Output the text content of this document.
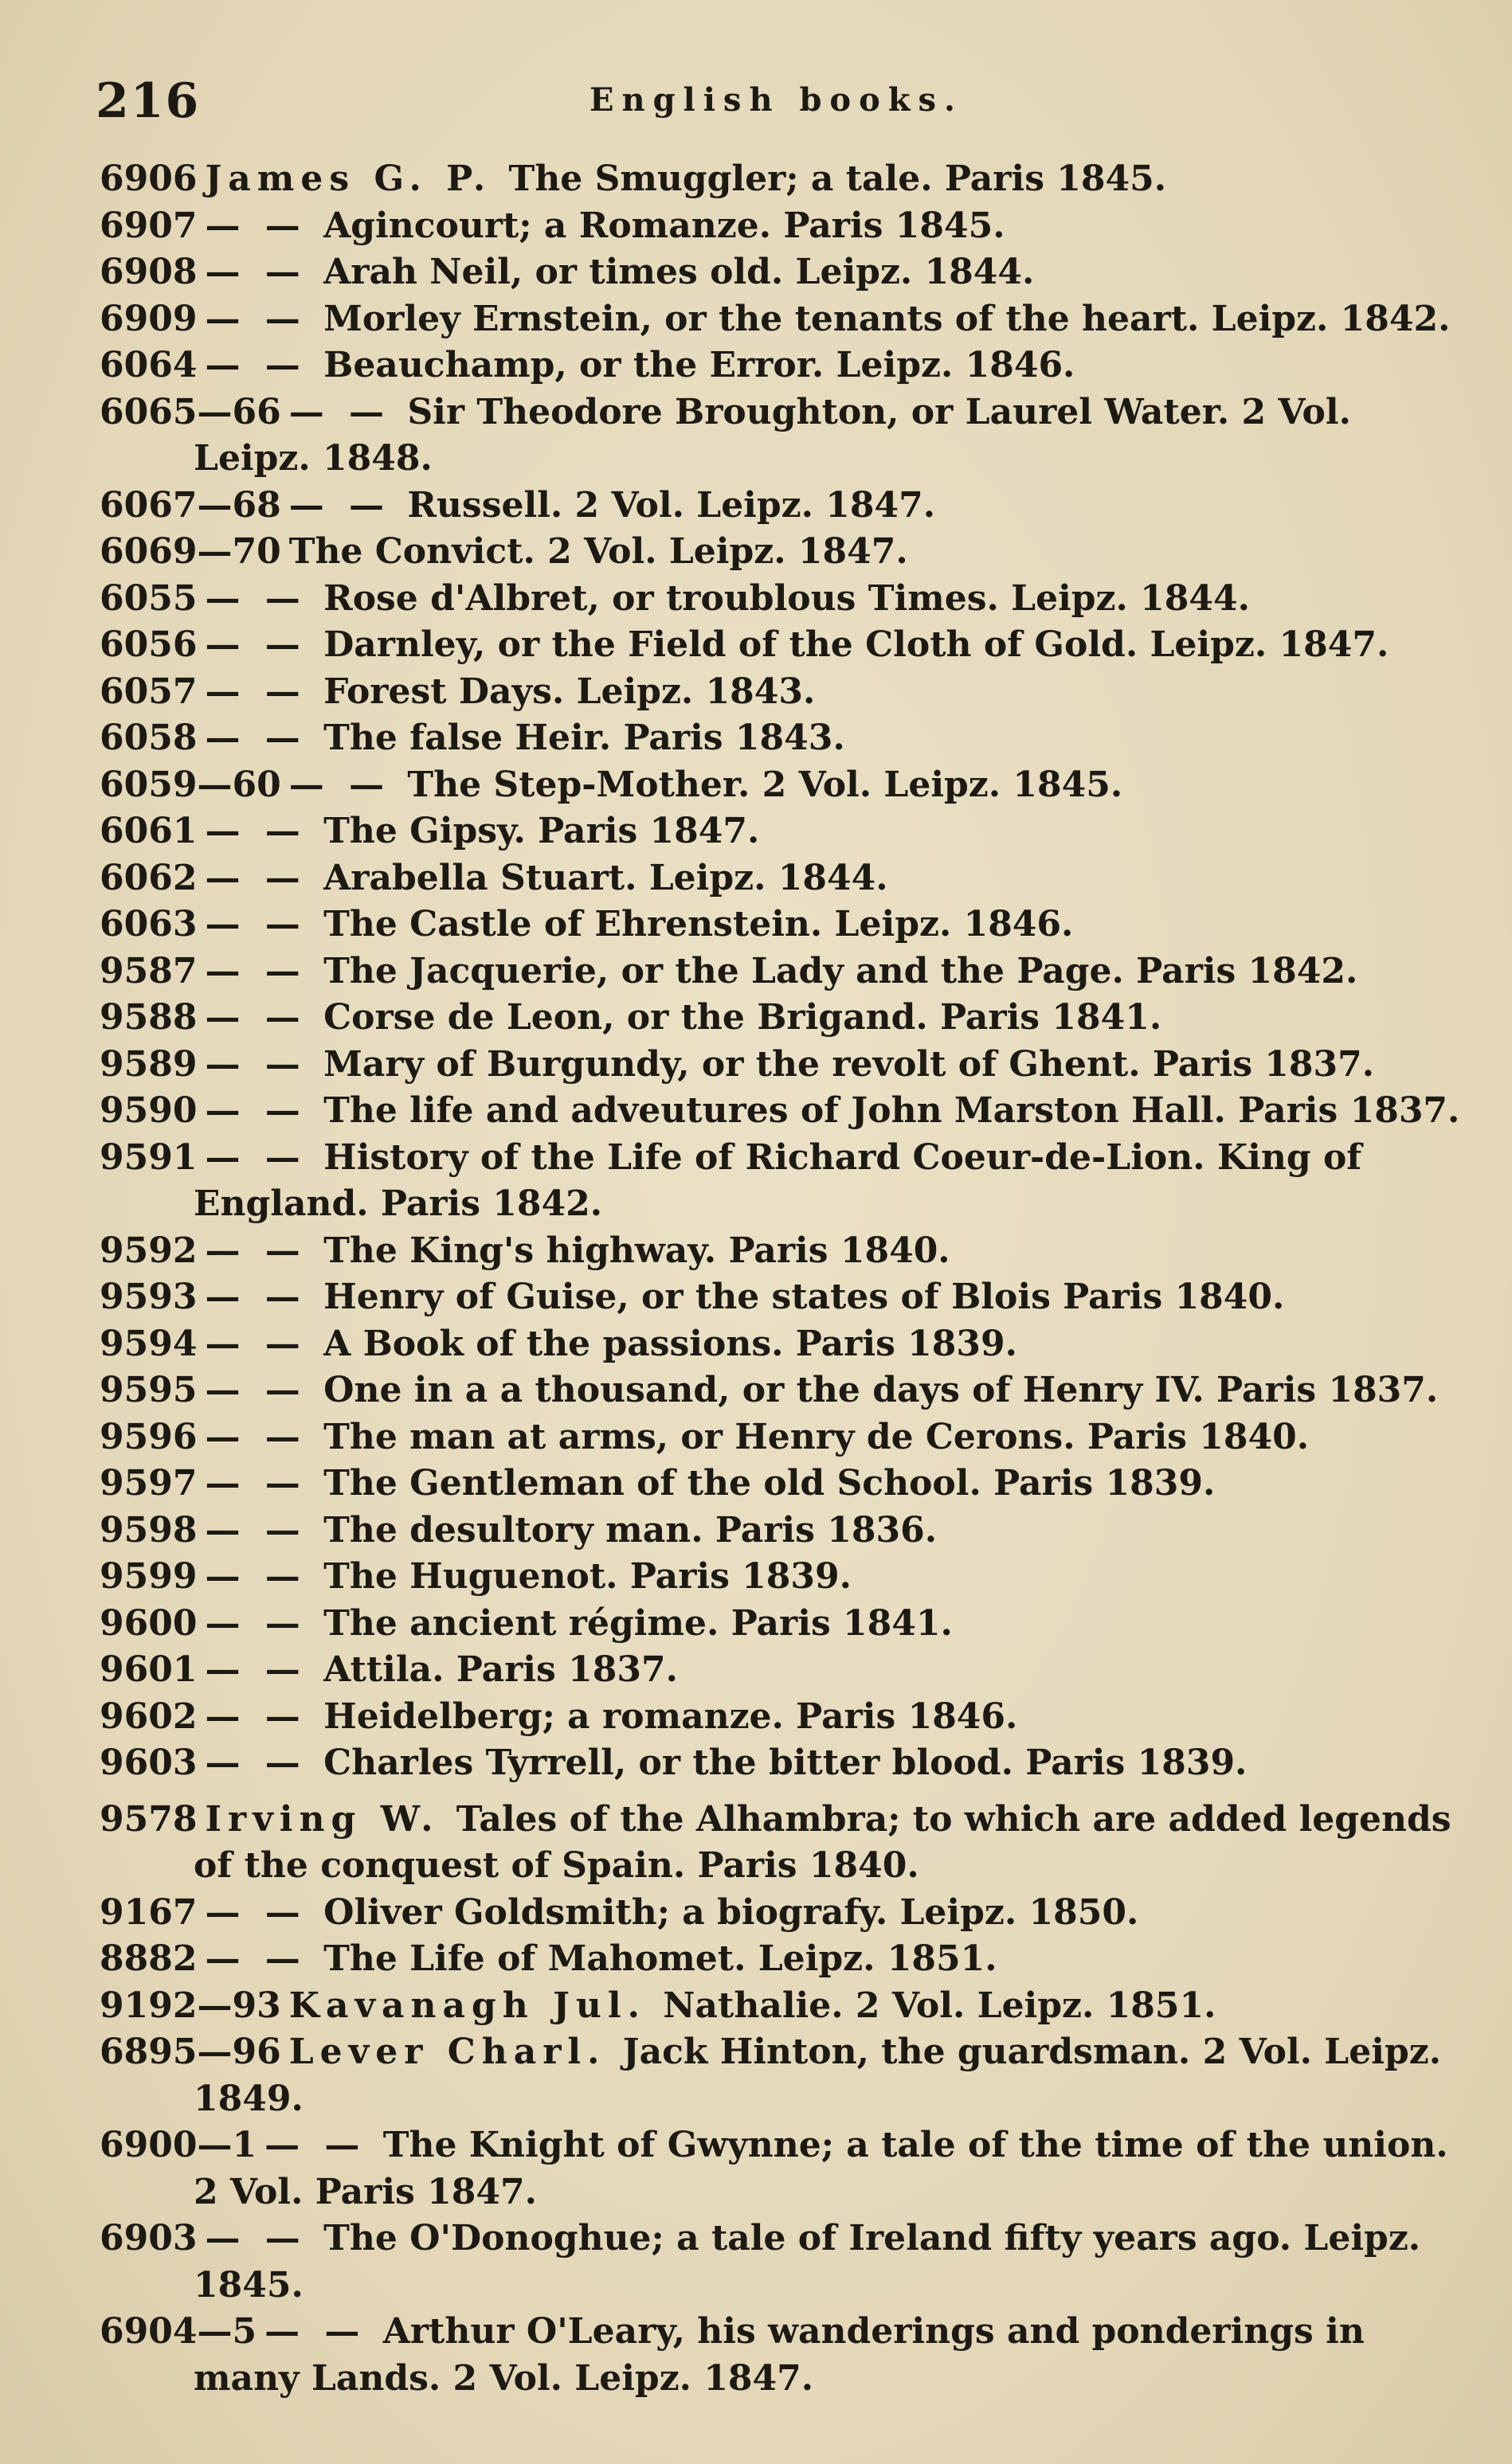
216	English books.
6906 James G. P. The Smuggler; a tale. Paris 1845.
6907 — — Agincourt; a Romanze. Paris 1845.
6908 — — Arah Neil, or times old. Leipz. 1844.
6909 — — Morley Ernstein, or the tenants of the heart. Leipz. 1842.
6064 — — Beauchamp, or the Error. Leipz. 1846.
6065—66 — — Sir Theodore Broughton, or Laurel Water. 2 Vol. Leipz. 1848.
6067—68 — — Russell. 2 Vol. Leipz. 1847.
6069—70 The Convict. 2 Vol. Leipz. 1847.
6055 — — Rose d'Albret, or troublous Times. Leipz. 1844.
6056 — — Darnley, or the Field of the Cloth of Gold. Leipz. 1847.
6057 — — Forest Days. Leipz. 1843.
6058 — — The false Heir. Paris 1843.
6059—60 — — The Step-Mother. 2 Vol. Leipz. 1845.
6061 — — The Gipsy. Paris 1847.
6062 — — Arabella Stuart. Leipz. 1844.
6063 — — The Castle of Ehrenstein. Leipz. 1846.
9587 — — The Jacquerie, or the Lady and the Page. Paris 1842.
9588 — — Corse de Leon, or the Brigand. Paris 1841.
9589 — — Mary of Burgundy, or the revolt of Ghent. Paris 1837.
9590 — — The life and adveutures of John Marston Hall. Paris 1837.
9591 — — History of the Life of Richard Coeur-de-Lion. King of England. Paris 1842.
9592 — — The King's highway. Paris 1840.
9593 — — Henry of Guise, or the states of Blois Paris 1840.
9594 — — A Book of the passions. Paris 1839.
9595 — — One in a a thousand, or the days of Henry IV. Paris 1837.
9596 — — The man at arms, or Henry de Cerons. Paris 1840.
9597 — — The Gentleman of the old School. Paris 1839.
9598 — — The desultory man. Paris 1836.
9599 — — The Huguenot. Paris 1839.
9600 — — The ancient régime. Paris 1841.
9601 — — Attila. Paris 1837.
9602 — — Heidelberg; a romanze. Paris 1846.
9603 — — Charles Tyrrell, or the bitter blood. Paris 1839.
9578 Irving W. Tales of the Alhambra; to which are added legends of the conquest of Spain. Paris 1840.
9167 — — Oliver Goldsmith; a biografy. Leipz. 1850.
8882 — — The Life of Mahomet. Leipz. 1851.
9192—93 Kavanagh Jul. Nathalie. 2 Vol. Leipz. 1851.
6895—96 Lever Charl. Jack Hinton, the guardsman. 2 Vol. Leipz. 1849.
6900—1 — — The Knight of Gwynne; a tale of the time of the union. 2 Vol. Paris 1847.
6903 — — The O'Donoghue; a tale of Ireland fifty years ago. Leipz. 1845.
6904—5 — — Arthur O'Leary, his wanderings and ponderings in many Lands. 2 Vol. Leipz. 1847.
